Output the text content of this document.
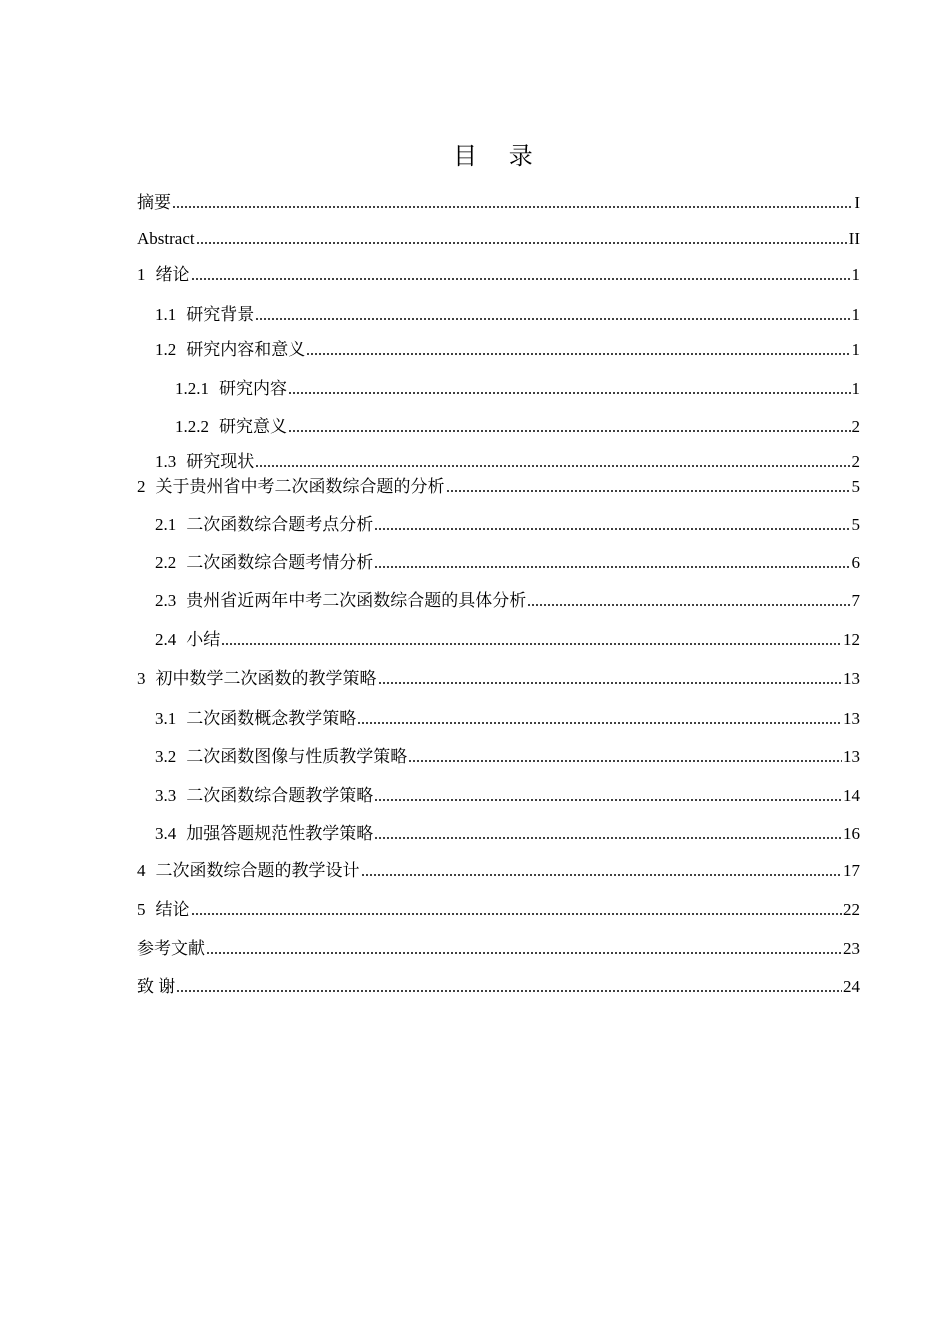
目 录
摘要	I
Abstract	II
1 绪论	1
1.1 研究背景	1
1.2 研究内容和意义	1
1.2.1 研究内容	1
1.2.2 研究意义	2
1.3 研究现状	2
2 关于贵州省中考二次函数综合题的分析	5
2.1 二次函数综合题考点分析	5
2.2 二次函数综合题考情分析	6
2.3 贵州省近两年中考二次函数综合题的具体分析	7
2.4 小结	12
3 初中数学二次函数的教学策略	13
3.1 二次函数概念教学策略	13
3.2 二次函数图像与性质教学策略	13
3.3 二次函数综合题教学策略	14
3.4 加强答题规范性教学策略	16
4 二次函数综合题的教学设计	17
5 结论	22
参考文献	23
致 谢	24
